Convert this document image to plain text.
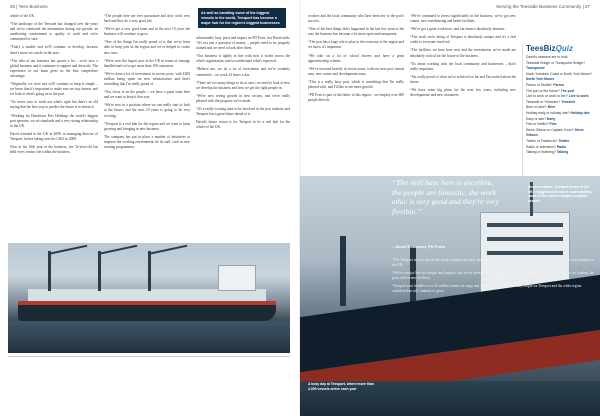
26 | Tees Business

whole of the UK.

“The landscape of the Teesside has changed over the years and we've continued the momentum during our growth, an unrelenting commitment to quality of work and we're committed for sure.

“That's a sizable and we'll continue to develop, because there's more we can do in the area.

“The idea of our business has grown a lot – we're now a global business and it continues to support and diversify. The experience of our team gives us the best competitive advantage.

“Originally, we were and we'll continue to keep it simple – we know that it's important to make sure we stay honest, and we look at what's going on in the port.

“It's never easy to work out what's right but there's an old saying that the best way to predict the future is to invent it.

“Working for Hutchison Port Holdings the world's biggest port operator, we set standards and a very strong relationship in the UK.

David returned to the UK in 2008, as managing director of Teesport, before taking over his C&O in 2009.

Now in his 16th year at the business, the 52-year-old has held every senior role within the business.

“The people here are very passionate and they work very hard and they do a very good job.

“We've got a very good team and in the next 10 years the business will continue to grow.

“One of the things I'm really proud of is that we've been able to keep jobs in the region and we've helped to create new ones.

“We're now the largest port in the UK in terms of tonnage handled and we've got more than 100 customers.

“We've done a lot of investment in recent years, with £200 million being spent on new infrastructure and that's something that I'm really proud of.

“Our focus is on the people – we have a great team here and we want to keep it that way.

“We're now in a position where we can really start to look at the future, and the next 10 years is going to be very exciting.

“Teesport is a real hub for the region and we want to keep growing and bringing in new business.

The company has put in place a number of initiatives to improve the working environment for its staff, such as new training programmes.

substantially busy ports and impact on PD Ports, but David adds: “It's not just a question of money – people need to be properly trained and we need to look after them.

“Our business is tightly in line with how it works across the whole organisation, and we understand what's expected.

“Believe me, we do a lot of investment and we're certainly committed – we work 24 hours a day.

“There are too many things to do at once; we need to look at how we develop the business and how we get the right people in.

“We're now seeing growth in new sectors, and we're really pleased with the progress we've made.

“It's a really exciting time to be involved in the port industry and Teesport has a great future ahead of it.

David's future vision is for Teesport to be a real hub for the whole of the UK.

As well as handling some of the biggest vessels in the world, Teesport has become a major hub for the region's biggest businesses
Serving the Teesside Business Community | 27

workers and the local community who have been key to the port's success.

“One of the best things that's happened in the last few years is the way the business has become a lot more open and transparent.

“The port has a huge role to play in the economy of the region and we know it's important.

“We take on a lot of school leavers and have a great apprenticeship scheme.

“We've invested heavily in recent years, with our new port central area, new cranes and development areas.

“This is a really busy port, which is something that I'm really pleased with, and I'd like to see more growth.

“PD Ports is part of the fabric of this region – we employ over 600 people directly.

“We've continued to invest significantly in the business, we've got new cranes, new warehousing and better facilities.

“We've got a great workforce, and our team is absolutely fantastic.

“The work we're doing at Teesport is absolutely unique and it's a real credit to everyone involved.

“The facilities we have here now and the investments we've made are absolutely critical for the future of the business.

“It's about working with the local community and businesses – that's really important.

“I'm really proud of what we've achieved so far and I'm excited about the future.

“We have some big plans for the next few years, including new developments and new customers.

TeesBizQuiz
David's answers are in bold.
Teesside Bridge or Transporter Bridge? Transporter
North Yorkshire Coast or North York Moors? North York Moors
Parmo or Stottie? Parmo
The port or the future? The port
Live to work or work to live? Live to work
Teesside or Yorkshire? Teesside
Beer or wine? Beer
Holiday early or holiday late? Holiday late
Early or late? Early
Film or Netflix? Film
Steve Gibson or Captain Cook? Steve Gibson
Twitter or Facebook? Twitter
Radio or television? Radio
Talking or listening? Talking
“The skill base here is excellent, the people are fantastic, the work ethic is very good and they're very flexible.”
– David Robinson, PD Ports
Pictured above: Teesport is one of the UK's biggest ports and is now handling some of the world's largest container vessels

“The Teesport area is one of the most exciting and busy ports in the UK.

“We're a major hub for freight and logistics and we've invested a great deal in new facilities.

“Teesport now handles over 40 million tonnes of cargo and we're confident that will continue to grow.

“We want to build on the strengths we already have and continue to create jobs.

“It's been a fantastic journey and I'm delighted to be leading the business.

“The future is really bright for Teesport and the wider region.

A busy day at Teesport, where more than 4,000 vessels arrive each year
